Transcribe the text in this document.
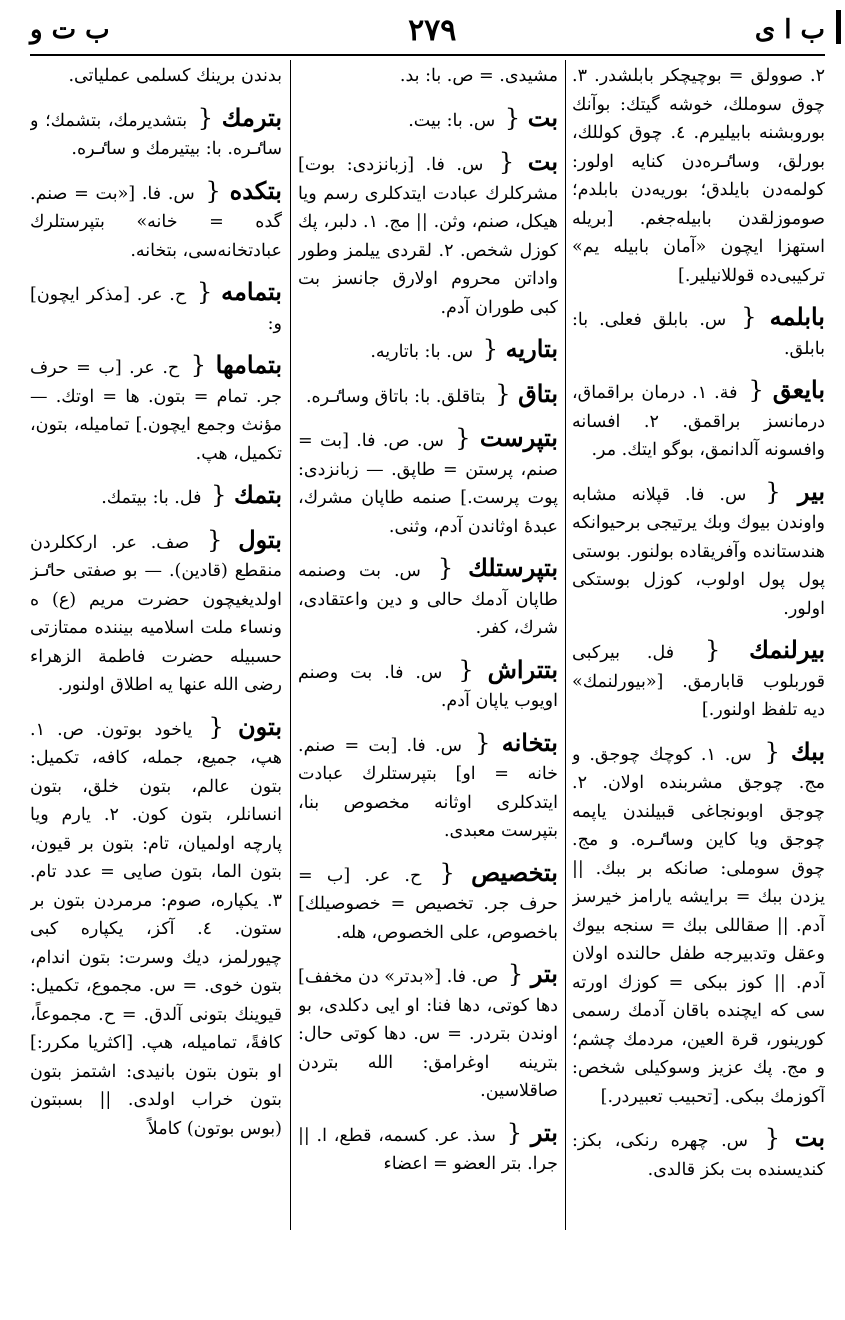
ب ا ی
۲۷۹
ب ت و
۲. صوولق = بوچیچکر بابلشدر. ۳. چوق سوملك، خوشه گیتك: بوآنك بوروبشنه بابیلیرم. ٤. چوق کوللك، بورلق، وساٸره‌دن کنایه اولور: کولمه‌دن بایلدق؛ بوریه‌دن بابلدم؛ صوموزلقدن بابیله‌جغم. [بریله استهزا ایچون «آمان بابیله یم» ترکیبی‌ده قوللانیلیر.]
بابلمه { س. بابلق فعلی. با: بابلق.
بایعق { فة. ۱. درمان براقماق، درمانسز براقمق. ۲. افسانه وافسونه آلدانمق، بوگو ایتك. مر.
بیر { س. فا. قپلانه مشابه واوندن بیوك وبك یرتیجی برحیوانکه هندستانده وآفریقاده بولنور. بوستی پول پول اولوب، کوزل بوستکی اولور.
بیرلنمك { فل. بیرکبی قوربلوب قابارمق. [«بیورلنمك» دیه تلفظ اولنور.]
ببك { س. ۱. کوچك چوجق. و مج. چوجق مشربنده اولان. ۲. چوجق اوبونجاغی قبیلندن یاپمه چوجق ویا کاین وساٸره. و مج. چوق سوملی: صانکه بر ببك. || یزدن ببك = برایشه یارامز خیرسز آدم. || صقاللی ببك = سنجه بیوك وعقل وتدبیرجه طفل حالنده اولان آدم. || کوز ببکی = کوزك اورته سی که ایچنده باقان آدمك رسمی کورینور، قرة العین، مردمك چشم؛ و مج. پك عزیز وسوکیلی شخص: آکوزمك ببکی. [تحبیب تعبیردر.]
بت { س. چهره رنکی، بکز: کندیسنده بت بکز قالدی.
مشیدی. = ص. با: بد.
بت { س. با: بیت.
بت { س. فا. [زبانزدی: بوت] مشرکلرك عبادت ایتدکلری رسم ویا هیكل، صنم، وثن. || مج. ۱. دلبر، پك کوزل شخص. ۲. لقردی ییلمز وطور واداتن محروم اولارق جانسز بت کبی طوران آدم.
بتاریه { س. با: باتاریه.
بتاق { بتاقلق. با: باتاق وساٸره.
بتپرست { س. ص. فا. [بت = صنم، پرستن = طاپق. — زبانزدی: پوت پرست.] صنمه طاپان مشرك، عبدهٔ اوثاندن آدم، وثنی.
بتپرستلك { س. بت وصنمه طاپان آدمك حالی و دین واعتقادی، شرك، کفر.
بتتراش { س. فا. بت وصنم اویوب یاپان آدم.
بتخانه { س. فا. [بت = صنم. خانه = او] بتپرستلرك عبادت ایتدکلری اوثانه مخصوص بنا، بتپرست معبدی.
بتخصیص { ح. عر. [ب = حرف جر. تخصیص = خصوصیلك] باخصوص، علی الخصوص، هله.
بتر { ص. فا. [«بدتر» دن مخفف] دها کوتی، دها فنا: او ایی دکلدی، بو اوندن بتردر. = س. دها کوتی حال: بترینه اوغرامق: الله بتردن صاقلاسین.
بتر { سذ. عر. کسمه، قطع، ا. || جرا. بتر العضو = اعضاء
بدندن برینك کسلمی عملیاتی.
بترمك { بتشدیرمك، بتشمك؛ و ساٸره. با: بیتیرمك و ساٸره.
بتکده { س. فا. [«بت = صنم. گده = خانه» بتپرستلرك عبادتخانه‌سی، بتخانه.
بتمامه { ح. عر. [مذکر ایچون] و:
بتمامها { ح. عر. [ب = حرف جر. تمام = بتون. ها = اوتك. — مؤنث وجمع ایچون.] تمامیله، بتون، تکمیل، هپ.
بتمك { فل. با: بیتمك.
بتول { صف. عر. ارککلردن منقطع (قادین). — بو صفتی حاٸز اولدیغیچون حضرت مریم (ع) ه ونساء ملت اسلامیه بیننده ممتازتی حسبیله حضرت فاطمة الزهراء رضی الله عنها یه اطلاق اولنور.
بتون { یاخود بوتون. ص. ۱. هپ، جمیع، جمله، کافه، تکمیل: بتون عالم، بتون خلق، بتون انسانلر، بتون کون. ۲. یارم ویا پارچه اولمیان، تام: بتون بر قیون، بتون الما، بتون صایی = عدد تام. ۳. یکپاره، صوم: مرمردن بتون بر ستون. ٤. آکز، یکپاره کبی چیورلمز، دیك وسرت: بتون اندام، بتون خوی. = س. مجموع، تکمیل: قیوینك بتونی آلدق. = ح. مجموعاً، کافةً، تمامیله، هپ. [اکثریا مکرر:] او بتون بتون بانیدی: اشتمز بتون بتون خراب اولدی. || بسبتون (بوس بوتون) کاملاً
